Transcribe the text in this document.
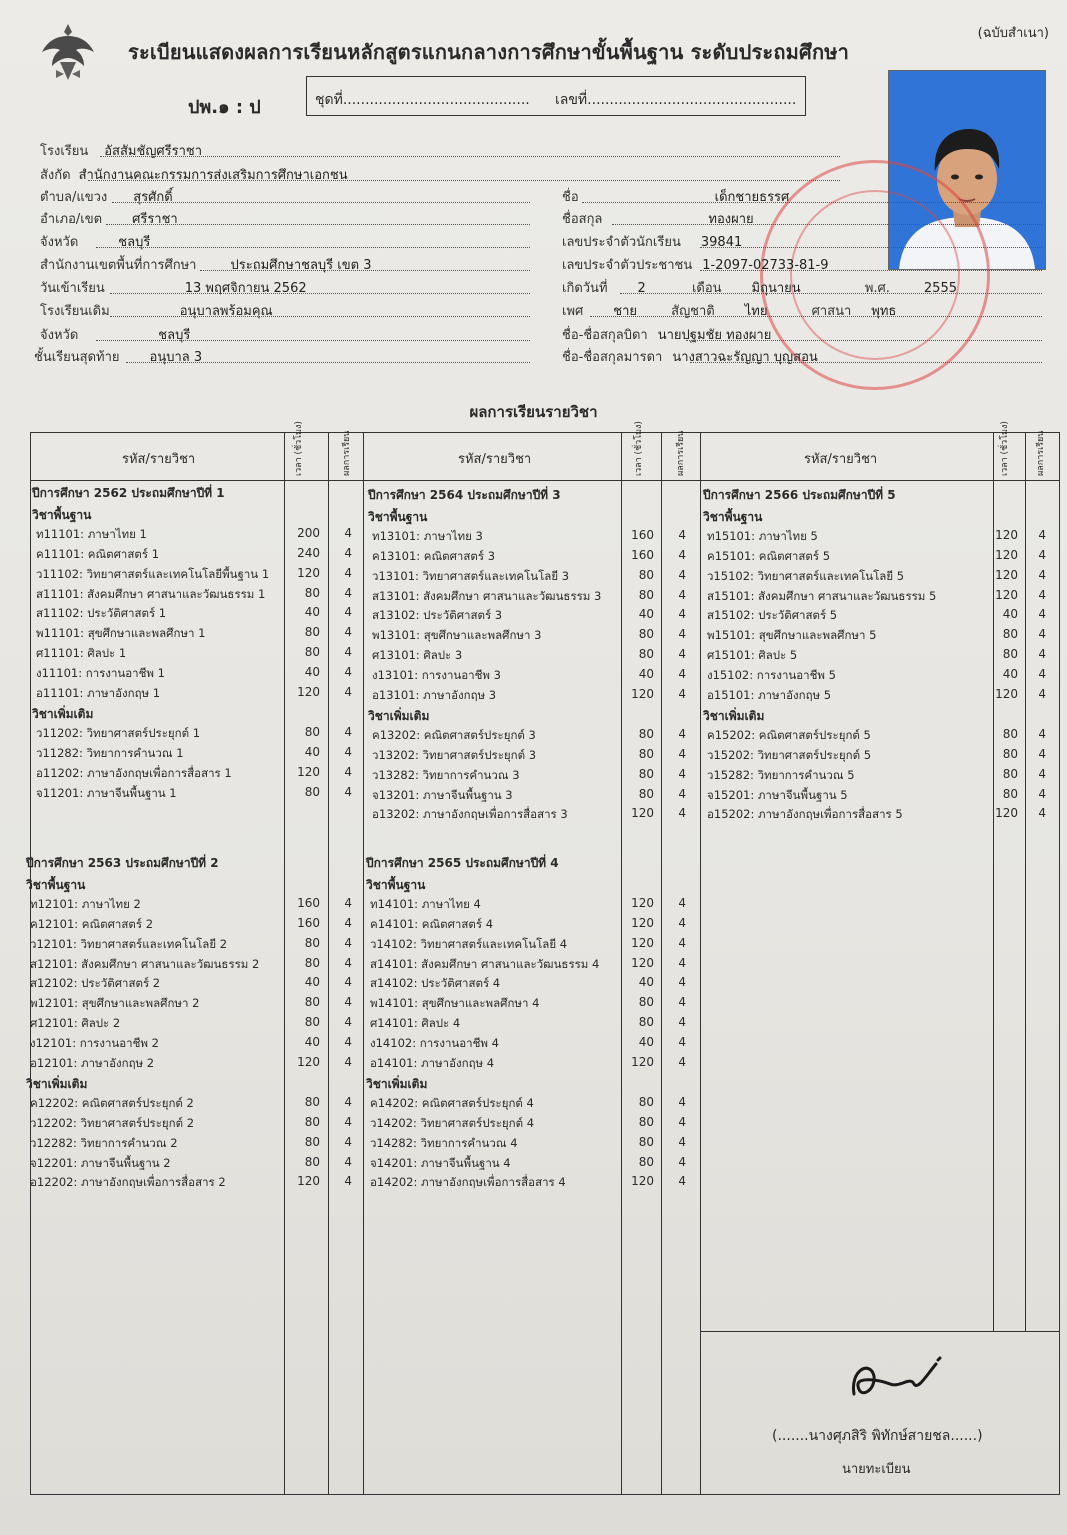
(ฉบับสำเนา)
ระเบียนแสดงผลการเรียนหลักสูตรแกนกลางการศึกษาขั้นพื้นฐาน ระดับประถมศึกษา
ปพ.๑ : ป	ชุดที่.......................................... เลขที่...............................................
โรงเรียน อัสสัมชัญศรีราชา
สังกัด สำนักงานคณะกรรมการส่งเสริมการศึกษาเอกชน
ตำบล/แขวง สุรศักดิ์
อำเภอ/เขต ศรีราชา
จังหวัด	ชลบุรี
สำนักงานเขตพื้นที่การศึกษา	ประถมศึกษาชลบุรี เขต 3
วันเข้าเรียน	13 พฤศจิกายน 2562
โรงเรียนเดิม	อนุบาลพร้อมคุณ
จังหวัด	ชลบุรี
ชั้นเรียนสุดท้าย อนุบาล 3
ชื่อ	เด็กชายธรรศ
ชื่อสกุล	ทองผาย
เลขประจำตัวนักเรียน 39841
เลขประจำตัวประชาชน 1-2097-02733-81-9
เกิดวันที่ 2	เดือน มิถุนายน	พ.ศ.	2555
เพศ ชาย	สัญชาติ ไทย	ศาสนา พุทธ
ชื่อ-ชื่อสกุลบิดา นายปฐมชัย ทองผาย
ชื่อ-ชื่อสกุลมารดา นางสาวฉะรัญญา บุญสอน
ผลการเรียนรายวิชา
รหัส/รายวิชา	เวลา (ชั่วโมง)	ผลการเรียน	รหัส/รายวิชา	เวลา (ชั่วโมง)	ผลการเรียน	รหัส/รายวิชา	เวลา (ชั่วโมง)	ผลการเรียน
ปีการศึกษา 2562 ประถมศึกษาปีที่ 1
วิชาพื้นฐาน
ท11101: ภาษาไทย 1	200	4
ค11101: คณิตศาสตร์ 1	240	4
ว11102: วิทยาศาสตร์และเทคโนโลยีพื้นฐาน 1	120	4
ส11101: สังคมศึกษา ศาสนาและวัฒนธรรม 1	80	4
ส11102: ประวัติศาสตร์ 1	40	4
พ11101: สุขศึกษาและพลศึกษา 1	80	4
ศ11101: ศิลปะ 1	80	4
ง11101: การงานอาชีพ 1	40	4
อ11101: ภาษาอังกฤษ 1	120	4
วิชาเพิ่มเติม
ว11202: วิทยาศาสตร์ประยุกต์ 1	80	4
ว11282: วิทยาการคำนวณ 1	40	4
อ11202: ภาษาอังกฤษเพื่อการสื่อสาร 1	120	4
จ11201: ภาษาจีนพื้นฐาน 1	80	4
ปีการศึกษา 2563 ประถมศึกษาปีที่ 2
วิชาพื้นฐาน
ท12101: ภาษาไทย 2	160	4
ค12101: คณิตศาสตร์ 2	160	4
ว12101: วิทยาศาสตร์และเทคโนโลยี 2	80	4
ส12101: สังคมศึกษา ศาสนาและวัฒนธรรม 2	80	4
ส12102: ประวัติศาสตร์ 2	40	4
พ12101: สุขศึกษาและพลศึกษา 2	80	4
ศ12101: ศิลปะ 2	80	4
ง12101: การงานอาชีพ 2	40	4
อ12101: ภาษาอังกฤษ 2	120	4
วิชาเพิ่มเติม
ค12202: คณิตศาสตร์ประยุกต์ 2	80	4
ว12202: วิทยาศาสตร์ประยุกต์ 2	80	4
ว12282: วิทยาการคำนวณ 2	80	4
จ12201: ภาษาจีนพื้นฐาน 2	80	4
อ12202: ภาษาอังกฤษเพื่อการสื่อสาร 2	120	4
ปีการศึกษา 2564 ประถมศึกษาปีที่ 3
วิชาพื้นฐาน
ท13101: ภาษาไทย 3	160	4
ค13101: คณิตศาสตร์ 3	160	4
ว13101: วิทยาศาสตร์และเทคโนโลยี 3	80	4
ส13101: สังคมศึกษา ศาสนาและวัฒนธรรม 3	80	4
ส13102: ประวัติศาสตร์ 3	40	4
พ13101: สุขศึกษาและพลศึกษา 3	80	4
ศ13101: ศิลปะ 3	80	4
ง13101: การงานอาชีพ 3	40	4
อ13101: ภาษาอังกฤษ 3	120	4
วิชาเพิ่มเติม
ค13202: คณิตศาสตร์ประยุกต์ 3	80	4
ว13202: วิทยาศาสตร์ประยุกต์ 3	80	4
ว13282: วิทยาการคำนวณ 3	80	4
จ13201: ภาษาจีนพื้นฐาน 3	80	4
อ13202: ภาษาอังกฤษเพื่อการสื่อสาร 3	120	4
ปีการศึกษา 2565 ประถมศึกษาปีที่ 4
วิชาพื้นฐาน
ท14101: ภาษาไทย 4	120	4
ค14101: คณิตศาสตร์ 4	120	4
ว14102: วิทยาศาสตร์และเทคโนโลยี 4	120	4
ส14101: สังคมศึกษา ศาสนาและวัฒนธรรม 4	120	4
ส14102: ประวัติศาสตร์ 4	40	4
พ14101: สุขศึกษาและพลศึกษา 4	80	4
ศ14101: ศิลปะ 4	80	4
ง14102: การงานอาชีพ 4	40	4
อ14101: ภาษาอังกฤษ 4	120	4
วิชาเพิ่มเติม
ค14202: คณิตศาสตร์ประยุกต์ 4	80	4
ว14202: วิทยาศาสตร์ประยุกต์ 4	80	4
ว14282: วิทยาการคำนวณ 4	80	4
จ14201: ภาษาจีนพื้นฐาน 4	80	4
อ14202: ภาษาอังกฤษเพื่อการสื่อสาร 4	120	4
ปีการศึกษา 2566 ประถมศึกษาปีที่ 5
วิชาพื้นฐาน
ท15101: ภาษาไทย 5	120	4
ค15101: คณิตศาสตร์ 5	120	4
ว15102: วิทยาศาสตร์และเทคโนโลยี 5	120	4
ส15101: สังคมศึกษา ศาสนาและวัฒนธรรม 5	120	4
ส15102: ประวัติศาสตร์ 5	40	4
พ15101: สุขศึกษาและพลศึกษา 5	80	4
ศ15101: ศิลปะ 5	80	4
ง15102: การงานอาชีพ 5	40	4
อ15101: ภาษาอังกฤษ 5	120	4
วิชาเพิ่มเติม
ค15202: คณิตศาสตร์ประยุกต์ 5	80	4
ว15202: วิทยาศาสตร์ประยุกต์ 5	80	4
ว15282: วิทยาการคำนวณ 5	80	4
จ15201: ภาษาจีนพื้นฐาน 5	80	4
อ15202: ภาษาอังกฤษเพื่อการสื่อสาร 5	120	4
(.......นางศุภสิริ พิทักษ์สายชล......)
นายทะเบียน
